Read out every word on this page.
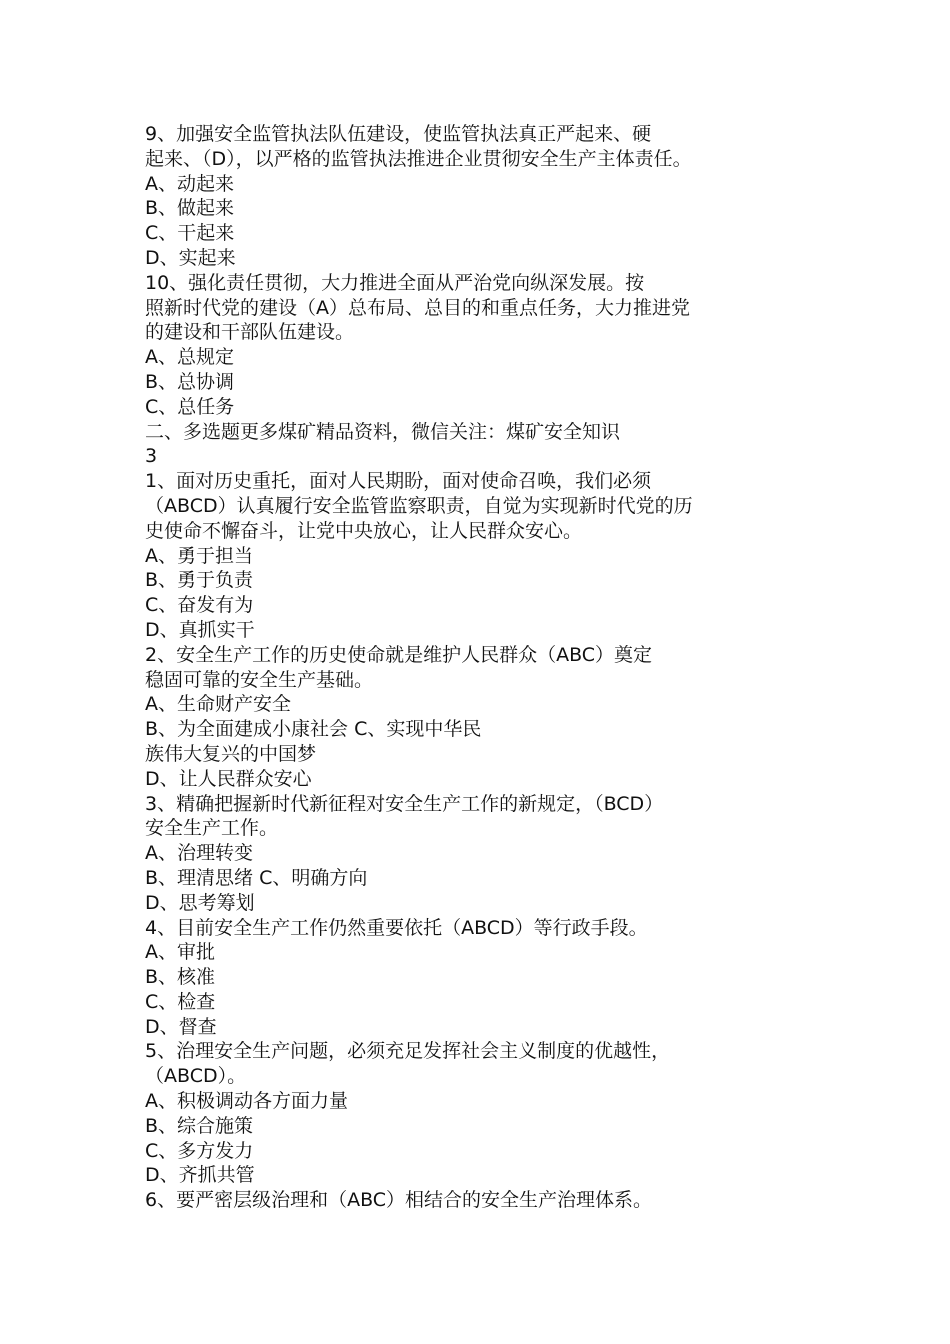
9、加强安全监管执法队伍建设，使监管执法真正严起来、硬
起来、（D），以严格的监管执法推进企业贯彻安全生产主体责任。
A、动起来
B、做起来
C、干起来
D、实起来
10、强化责任贯彻，大力推进全面从严治党向纵深发展。按
照新时代党的建设（A）总布局、总目的和重点任务，大力推进党
的建设和干部队伍建设。
A、总规定
B、总协调
C、总任务
二、多选题更多煤矿精品资料，微信关注：煤矿安全知识
3
1、面对历史重托，面对人民期盼，面对使命召唤，我们必须
（ABCD）认真履行安全监管监察职责，自觉为实现新时代党的历
史使命不懈奋斗，让党中央放心，让人民群众安心。
A、勇于担当
B、勇于负责
C、奋发有为
D、真抓实干
2、安全生产工作的历史使命就是维护人民群众（ABC）奠定
稳固可靠的安全生产基础。
A、生命财产安全
B、为全面建成小康社会 C、实现中华民
族伟大复兴的中国梦
D、让人民群众安心
3、精确把握新时代新征程对安全生产工作的新规定，（BCD）
安全生产工作。
A、治理转变
B、理清思绪 C、明确方向
D、思考筹划
4、目前安全生产工作仍然重要依托（ABCD）等行政手段。
A、审批
B、核准
C、检查
D、督查
5、治理安全生产问题，必须充足发挥社会主义制度的优越性，
（ABCD）。
A、积极调动各方面力量
B、综合施策
C、多方发力
D、齐抓共管
6、要严密层级治理和（ABC）相结合的安全生产治理体系。
